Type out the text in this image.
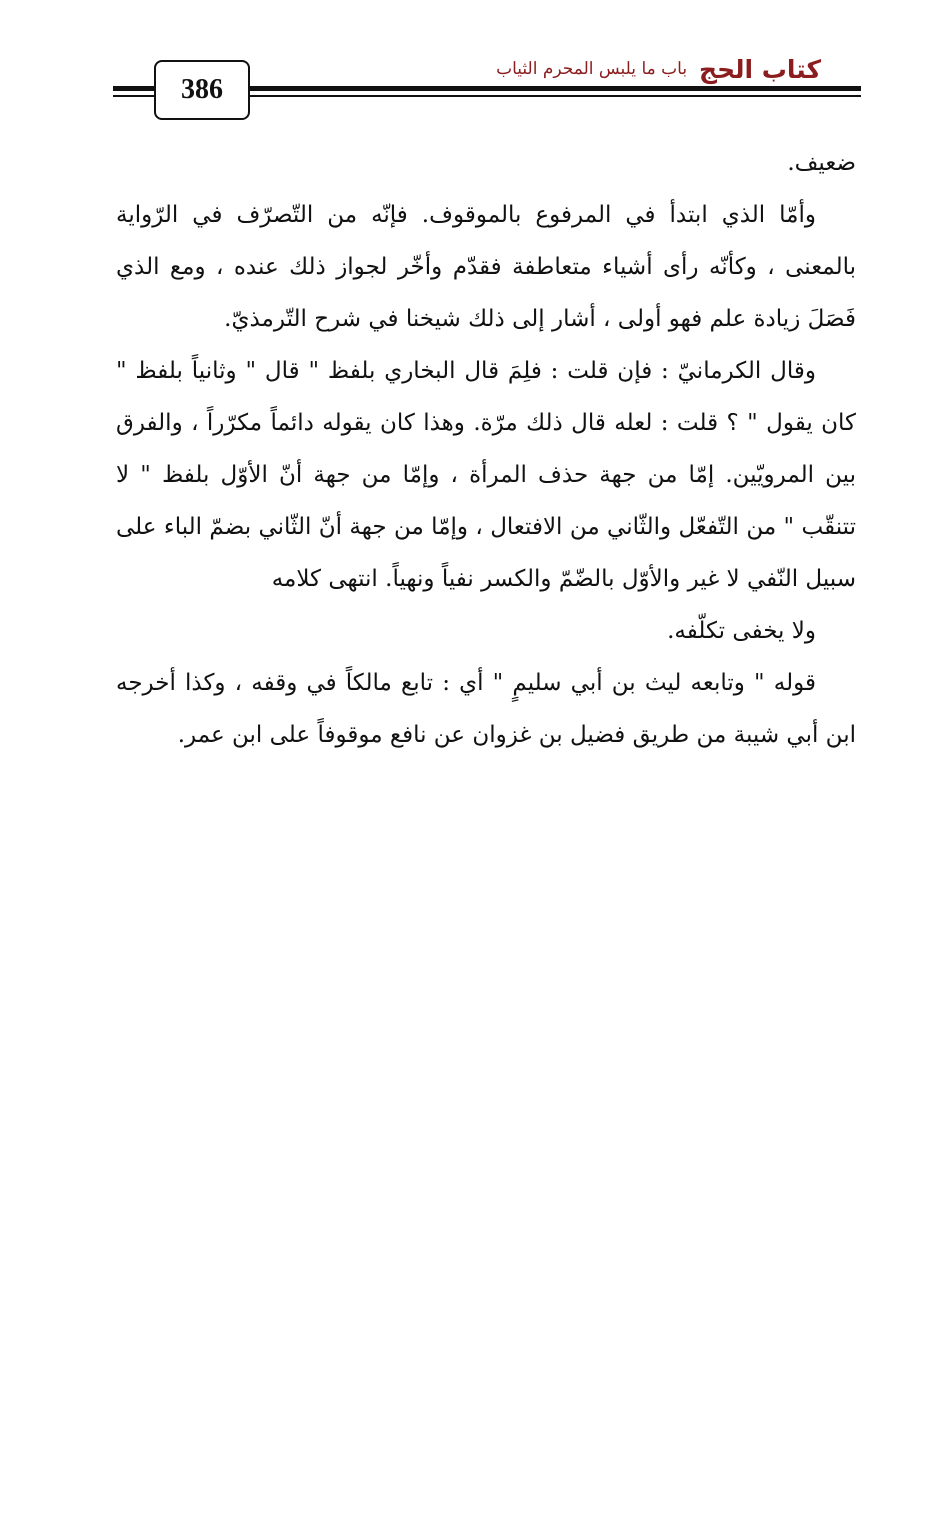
386
كتاب الحج
باب ما يلبس المحرم الثياب

ضعيف.

وأمّا الذي ابتدأ في المرفوع بالموقوف. فإنّه من التّصرّف في الرّواية بالمعنى ، وكأنّه رأى أشياء متعاطفة فقدّم وأخّر لجواز ذلك عنده ، ومع الذي فَصَلَ زيادة علم فهو أولى ، أشار إلى ذلك شيخنا في شرح التّرمذيّ.

وقال الكرمانيّ : فإن قلت : فلِمَ قال البخاري بلفظ " قال " وثانياً بلفظ " كان يقول " ؟ قلت : لعله قال ذلك مرّة. وهذا كان يقوله دائماً مكرّراً ، والفرق بين المرويّين. إمّا من جهة حذف المرأة ، وإمّا من جهة أنّ الأوّل بلفظ " لا تتنقّب " من التّفعّل والثّاني من الافتعال ، وإمّا من جهة أنّ الثّاني بضمّ الباء على سبيل النّفي لا غير والأوّل بالضّمّ والكسر نفياً ونهياً. انتهى كلامه

ولا يخفى تكلّفه.

قوله " وتابعه ليث بن أبي سليمٍ " أي : تابع مالكاً في وقفه ، وكذا أخرجه ابن أبي شيبة من طريق فضيل بن غزوان عن نافع موقوفاً على ابن عمر.
